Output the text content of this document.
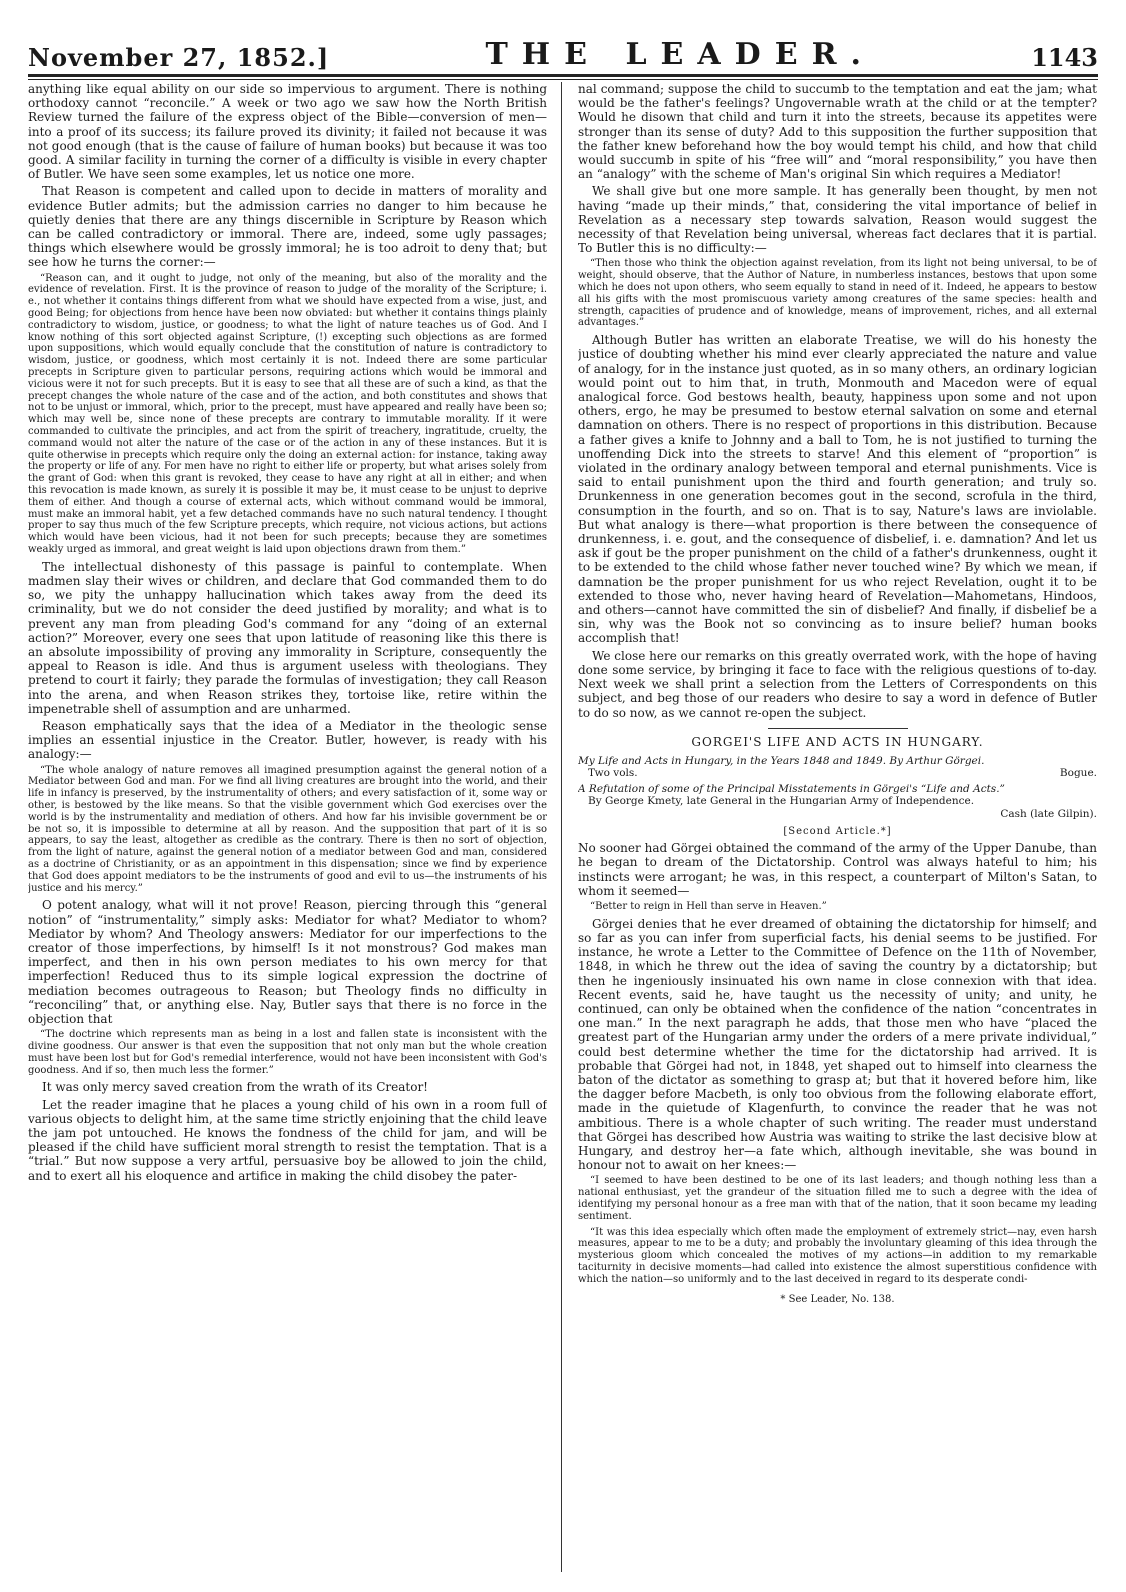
November 27, 1852.]	THE LEADER.	1143

anything like equal ability on our side so impervious to argument. There is nothing orthodoxy cannot “reconcile.” A week or two ago we saw how the North British Review turned the failure of the express object of the Bible—conversion of men—into a proof of its success; its failure proved its divinity; it failed not because it was not good enough (that is the cause of failure of human books) but because it was too good. A similar facility in turning the corner of a difficulty is visible in every chapter of Butler. We have seen some examples, let us notice one more.

That Reason is competent and called upon to decide in matters of morality and evidence Butler admits; but the admission carries no danger to him because he quietly denies that there are any things discernible in Scripture by Reason which can be called contradictory or immoral. There are, indeed, some ugly passages; things which elsewhere would be grossly immoral; he is too adroit to deny that; but see how he turns the corner:—

“Reason can, and it ought to judge, not only of the meaning, but also of the morality and the evidence of revelation. First. It is the province of reason to judge of the morality of the Scripture; i. e., not whether it contains things different from what we should have expected from a wise, just, and good Being; for objections from hence have been now obviated: but whether it contains things plainly contradictory to wisdom, justice, or goodness; to what the light of nature teaches us of God. And I know nothing of this sort objected against Scripture, (!) excepting such objections as are formed upon suppositions, which would equally conclude that the constitution of nature is contradictory to wisdom, justice, or goodness, which most certainly it is not. Indeed there are some particular precepts in Scripture given to particular persons, requiring actions which would be immoral and vicious were it not for such precepts. But it is easy to see that all these are of such a kind, as that the precept changes the whole nature of the case and of the action, and both constitutes and shows that not to be unjust or immoral, which, prior to the precept, must have appeared and really have been so; which may well be, since none of these precepts are contrary to immutable morality. If it were commanded to cultivate the principles, and act from the spirit of treachery, ingratitude, cruelty, the command would not alter the nature of the case or of the action in any of these instances. But it is quite otherwise in precepts which require only the doing an external action: for instance, taking away the property or life of any. For men have no right to either life or property, but what arises solely from the grant of God: when this grant is revoked, they cease to have any right at all in either; and when this revocation is made known, as surely it is possible it may be, it must cease to be unjust to deprive them of either. And though a course of external acts, which without command would be immoral, must make an immoral habit, yet a few detached commands have no such natural tendency. I thought proper to say thus much of the few Scripture precepts, which require, not vicious actions, but actions which would have been vicious, had it not been for such precepts; because they are sometimes weakly urged as immoral, and great weight is laid upon objections drawn from them.”

The intellectual dishonesty of this passage is painful to contemplate. When madmen slay their wives or children, and declare that God commanded them to do so, we pity the unhappy hallucination which takes away from the deed its criminality, but we do not consider the deed justified by morality; and what is to prevent any man from pleading God's command for any “doing of an external action?” Moreover, every one sees that upon latitude of reasoning like this there is an absolute impossibility of proving any immorality in Scripture, consequently the appeal to Reason is idle. And thus is argument useless with theologians. They pretend to court it fairly; they parade the formulas of investigation; they call Reason into the arena, and when Reason strikes they, tortoise like, retire within the impenetrable shell of assumption and are unharmed.

Reason emphatically says that the idea of a Mediator in the theologic sense implies an essential injustice in the Creator. Butler, however, is ready with his analogy:—

“The whole analogy of nature removes all imagined presumption against the general notion of a Mediator between God and man. For we find all living creatures are brought into the world, and their life in infancy is preserved, by the instrumentality of others; and every satisfaction of it, some way or other, is bestowed by the like means. So that the visible government which God exercises over the world is by the instrumentality and mediation of others. And how far his invisible government be or be not so, it is impossible to determine at all by reason. And the supposition that part of it is so appears, to say the least, altogether as credible as the contrary. There is then no sort of objection, from the light of nature, against the general notion of a mediator between God and man, considered as a doctrine of Christianity, or as an appointment in this dispensation; since we find by experience that God does appoint mediators to be the instruments of good and evil to us—the instruments of his justice and his mercy.”

O potent analogy, what will it not prove! Reason, piercing through this “general notion” of “instrumentality,” simply asks: Mediator for what? Mediator to whom? Mediator by whom? And Theology answers: Mediator for our imperfections to the creator of those imperfections, by himself! Is it not monstrous? God makes man imperfect, and then in his own person mediates to his own mercy for that imperfection! Reduced thus to its simple logical expression the doctrine of mediation becomes outrageous to Reason; but Theology finds no difficulty in “reconciling” that, or anything else. Nay, Butler says that there is no force in the objection that

“The doctrine which represents man as being in a lost and fallen state is inconsistent with the divine goodness. Our answer is that even the supposition that not only man but the whole creation must have been lost but for God's remedial interference, would not have been inconsistent with God's goodness. And if so, then much less the former.”

It was only mercy saved creation from the wrath of its Creator!

Let the reader imagine that he places a young child of his own in a room full of various objects to delight him, at the same time strictly enjoining that the child leave the jam pot untouched. He knows the fondness of the child for jam, and will be pleased if the child have sufficient moral strength to resist the temptation. That is a “trial.” But now suppose a very artful, persuasive boy be allowed to join the child, and to exert all his eloquence and artifice in making the child disobey the pater-

nal command; suppose the child to succumb to the temptation and eat the jam; what would be the father's feelings? Ungovernable wrath at the child or at the tempter? Would he disown that child and turn it into the streets, because its appetites were stronger than its sense of duty? Add to this supposition the further supposition that the father knew beforehand how the boy would tempt his child, and how that child would succumb in spite of his “free will” and “moral responsibility,” you have then an “analogy” with the scheme of Man's original Sin which requires a Mediator!

We shall give but one more sample. It has generally been thought, by men not having “made up their minds,” that, considering the vital importance of belief in Revelation as a necessary step towards salvation, Reason would suggest the necessity of that Revelation being universal, whereas fact declares that it is partial. To Butler this is no difficulty:—

“Then those who think the objection against revelation, from its light not being universal, to be of weight, should observe, that the Author of Nature, in numberless instances, bestows that upon some which he does not upon others, who seem equally to stand in need of it. Indeed, he appears to bestow all his gifts with the most promiscuous variety among creatures of the same species: health and strength, capacities of prudence and of knowledge, means of improvement, riches, and all external advantages.”

Although Butler has written an elaborate Treatise, we will do his honesty the justice of doubting whether his mind ever clearly appreciated the nature and value of analogy, for in the instance just quoted, as in so many others, an ordinary logician would point out to him that, in truth, Monmouth and Macedon were of equal analogical force. God bestows health, beauty, happiness upon some and not upon others, ergo, he may be presumed to bestow eternal salvation on some and eternal damnation on others. There is no respect of proportions in this distribution. Because a father gives a knife to Johnny and a ball to Tom, he is not justified to turning the unoffending Dick into the streets to starve! And this element of “proportion” is violated in the ordinary analogy between temporal and eternal punishments. Vice is said to entail punishment upon the third and fourth generation; and truly so. Drunkenness in one generation becomes gout in the second, scrofula in the third, consumption in the fourth, and so on. That is to say, Nature's laws are inviolable. But what analogy is there—what proportion is there between the consequence of drunkenness, i. e. gout, and the consequence of disbelief, i. e. damnation? And let us ask if gout be the proper punishment on the child of a father's drunkenness, ought it to be extended to the child whose father never touched wine? By which we mean, if damnation be the proper punishment for us who reject Revelation, ought it to be extended to those who, never having heard of Revelation—Mahometans, Hindoos, and others—cannot have committed the sin of disbelief? And finally, if disbelief be a sin, why was the Book not so convincing as to insure belief? human books accomplish that!

We close here our remarks on this greatly overrated work, with the hope of having done some service, by bringing it face to face with the religious questions of to-day. Next week we shall print a selection from the Letters of Correspondents on this subject, and beg those of our readers who desire to say a word in defence of Butler to do so now, as we cannot re-open the subject.

GORGEI'S LIFE AND ACTS IN HUNGARY.

My Life and Acts in Hungary, in the Years 1848 and 1849. By Arthur Görgei.

Two vols.	Bogue.

A Refutation of some of the Principal Misstatements in Görgei's “Life and Acts.”

By George Kmety, late General in the Hungarian Army of Independence.

Cash (late Gilpin).

[Second Article.*]

No sooner had Görgei obtained the command of the army of the Upper Danube, than he began to dream of the Dictatorship. Control was always hateful to him; his instincts were arrogant; he was, in this respect, a counterpart of Milton's Satan, to whom it seemed—

“Better to reign in Hell than serve in Heaven.”

Görgei denies that he ever dreamed of obtaining the dictatorship for himself; and so far as you can infer from superficial facts, his denial seems to be justified. For instance, he wrote a Letter to the Committee of Defence on the 11th of November, 1848, in which he threw out the idea of saving the country by a dictatorship; but then he ingeniously insinuated his own name in close connexion with that idea. Recent events, said he, have taught us the necessity of unity; and unity, he continued, can only be obtained when the confidence of the nation “concentrates in one man.” In the next paragraph he adds, that those men who have “placed the greatest part of the Hungarian army under the orders of a mere private individual,” could best determine whether the time for the dictatorship had arrived. It is probable that Görgei had not, in 1848, yet shaped out to himself into clearness the baton of the dictator as something to grasp at; but that it hovered before him, like the dagger before Macbeth, is only too obvious from the following elaborate effort, made in the quietude of Klagenfurth, to convince the reader that he was not ambitious. There is a whole chapter of such writing. The reader must understand that Görgei has described how Austria was waiting to strike the last decisive blow at Hungary, and destroy her—a fate which, although inevitable, she was bound in honour not to await on her knees:—

“I seemed to have been destined to be one of its last leaders; and though nothing less than a national enthusiast, yet the grandeur of the situation filled me to such a degree with the idea of identifying my personal honour as a free man with that of the nation, that it soon became my leading sentiment.

“It was this idea especially which often made the employment of extremely strict—nay, even harsh measures, appear to me to be a duty; and probably the involuntary gleaming of this idea through the mysterious gloom which concealed the motives of my actions—in addition to my remarkable taciturnity in decisive moments—had called into existence the almost superstitious confidence with which the nation—so uniformly and to the last deceived in regard to its desperate condi-

* See Leader, No. 138.
